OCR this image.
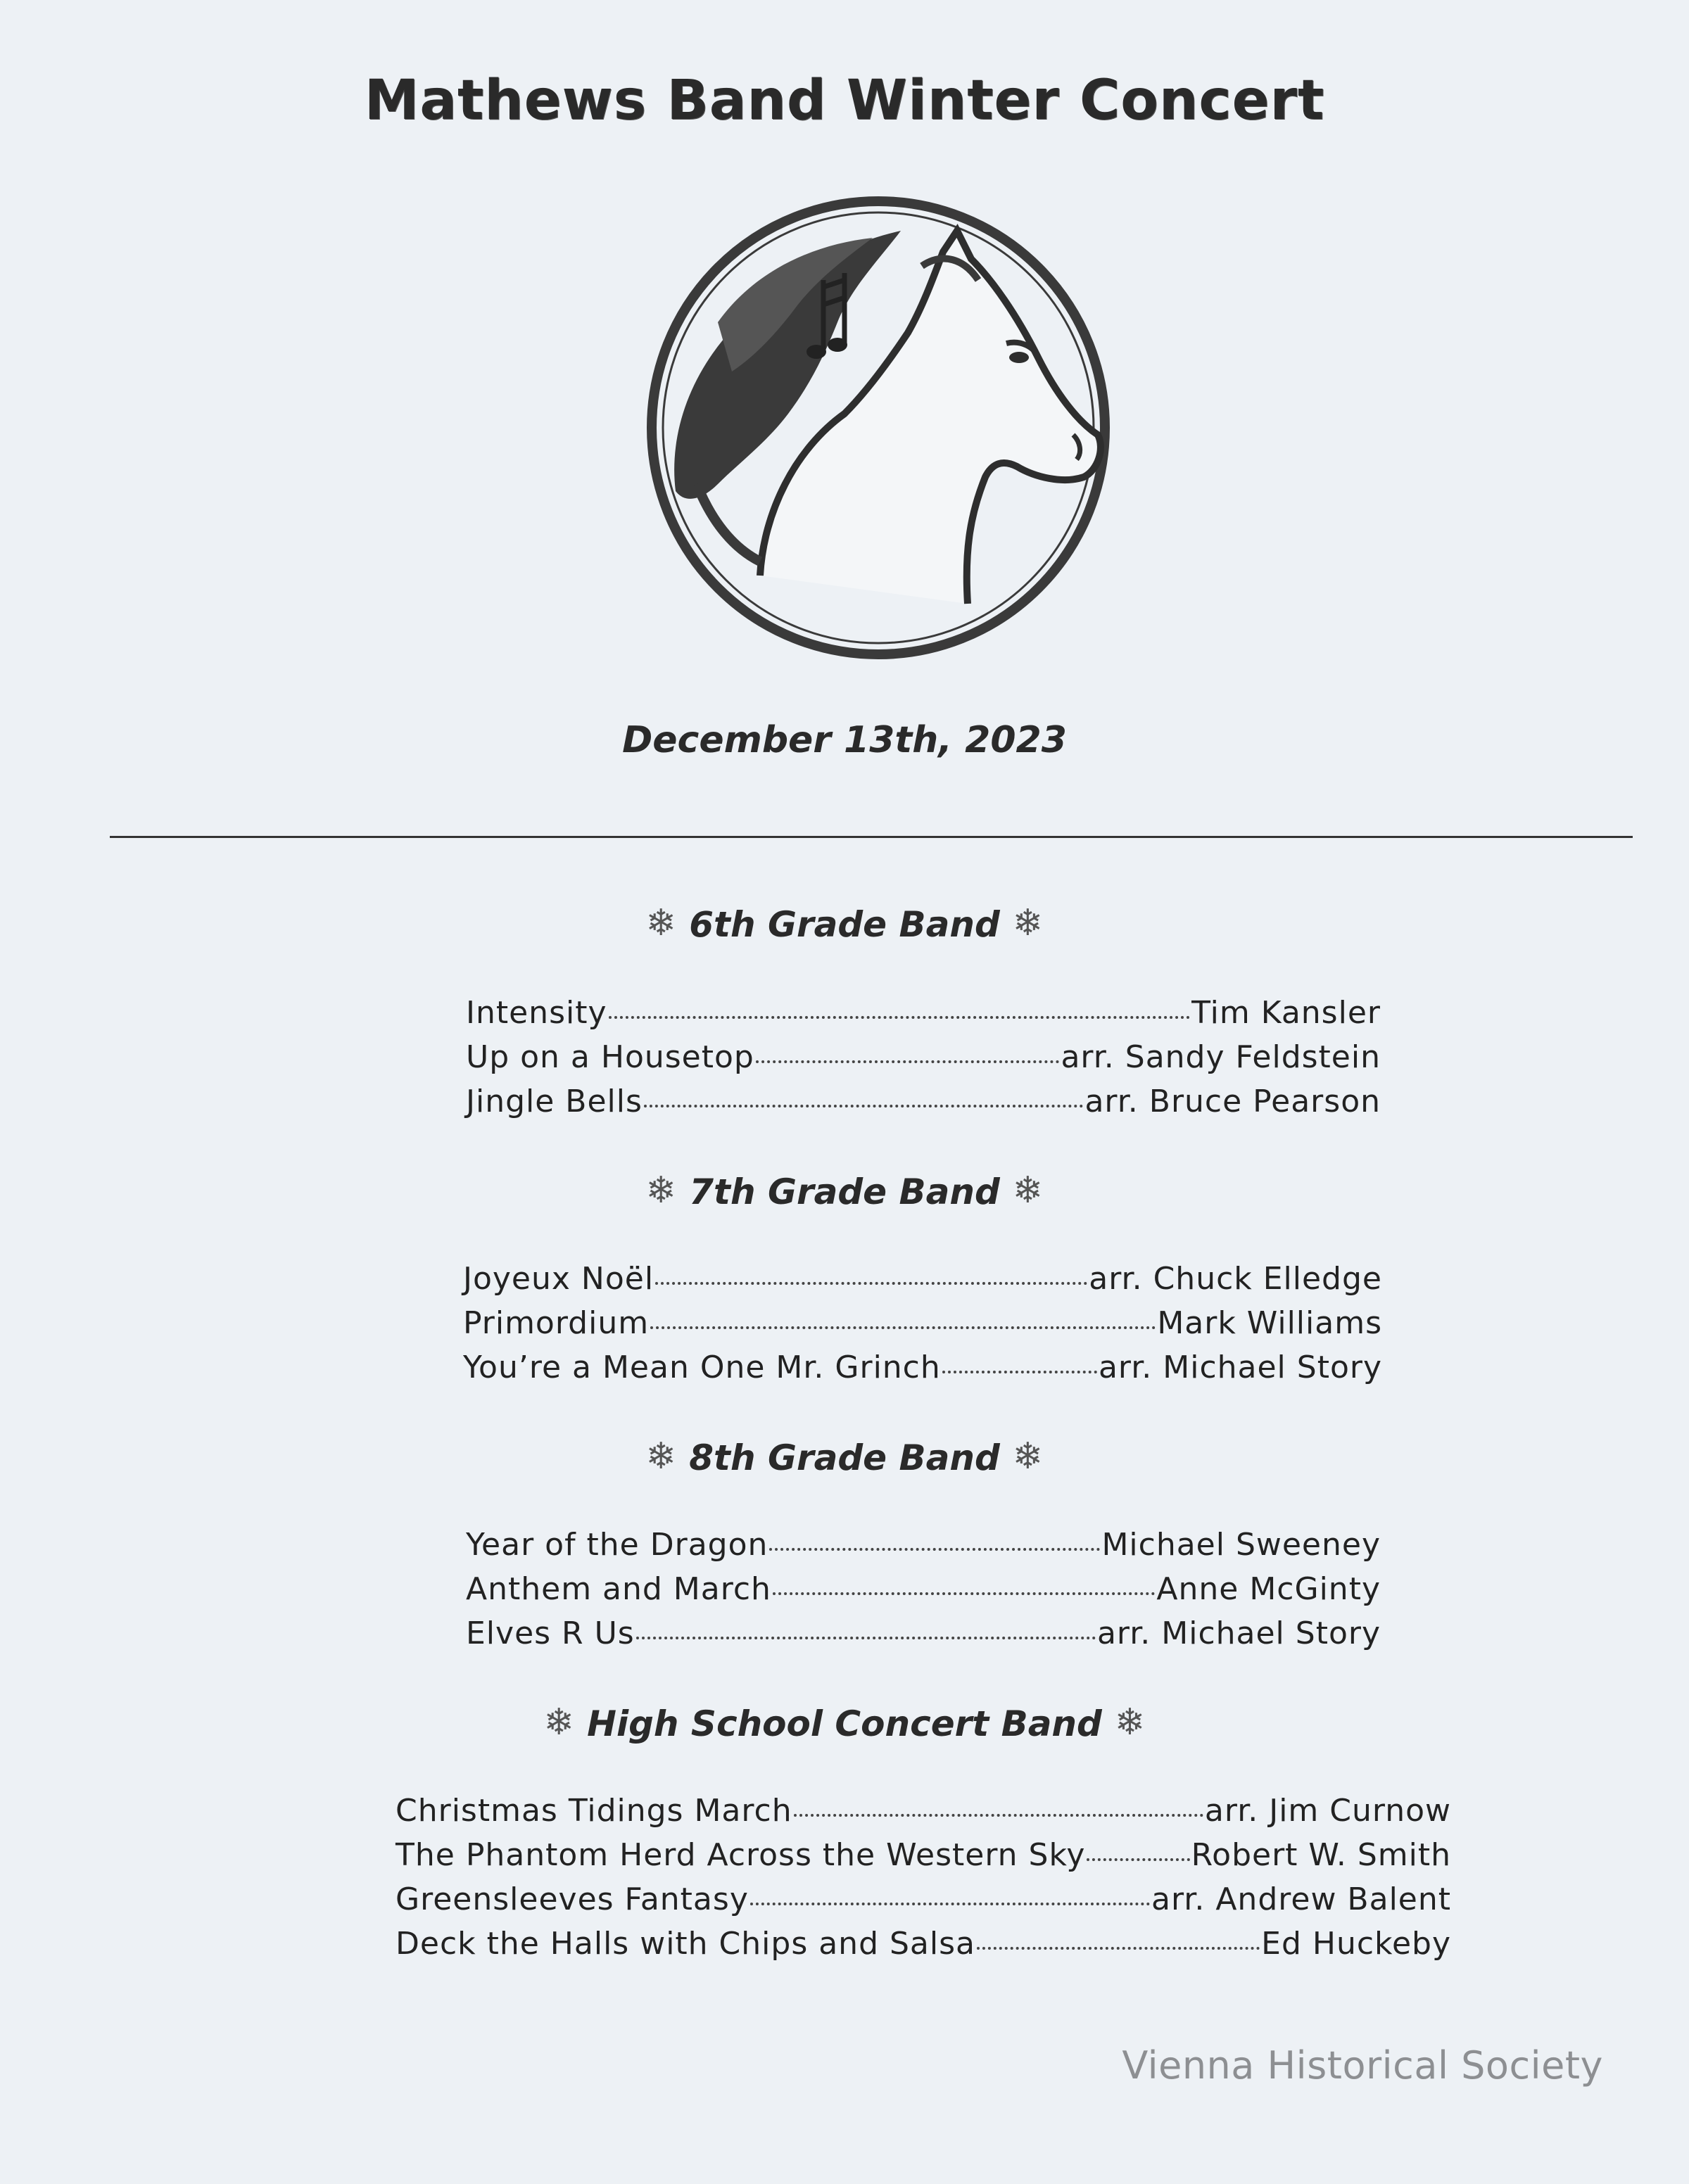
Mathews Band Winter Concert
December 13th, 2023
❄ 6th Grade Band ❄
Intensity	Tim Kansler
Up on a Housetop	arr. Sandy Feldstein
Jingle Bells	arr. Bruce Pearson
❄ 7th Grade Band ❄
Joyeux Noël	arr. Chuck Elledge
Primordium	Mark Williams
You’re a Mean One Mr. Grinch	arr. Michael Story
❄ 8th Grade Band ❄
Year of the Dragon	Michael Sweeney
Anthem and March	Anne McGinty
Elves R Us	arr. Michael Story
❄ High School Concert Band ❄
Christmas Tidings March	arr. Jim Curnow
The Phantom Herd Across the Western Sky	Robert W. Smith
Greensleeves Fantasy	arr. Andrew Balent
Deck the Halls with Chips and Salsa	Ed Huckeby
Vienna Historical Society
